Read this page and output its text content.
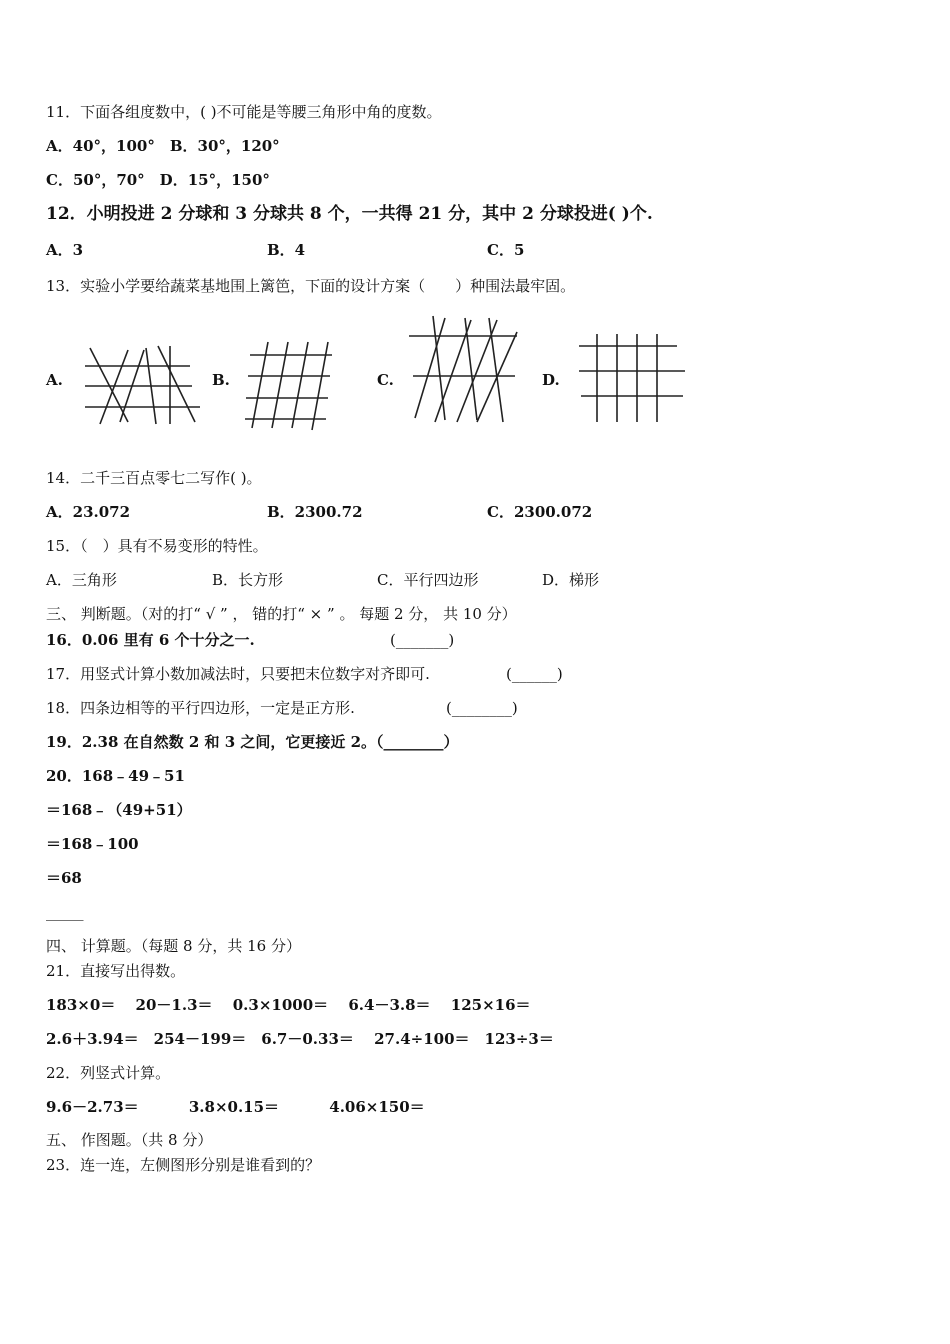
11．下面各组度数中，( )不可能是等腰三角形中角的度数。
A．40°，100°　B．30°，120°
C．50°，70°　D．15°，150°
12．小明投进 2 分球和 3 分球共 8 个，一共得 21 分，其中 2 分球投进( )个.
A．3	B．4	C．5
13．实验小学要给蔬菜基地围上篱笆，下面的设计方案（　　）种围法最牢固。
A.	B.	C.	D.
14．二千三百点零七二写作( )。
A．23.072	B．2300.72	C．2300.072
15．（　）具有不易变形的特性。
A．三角形	B．长方形	C．平行四边形	D．梯形
三、 判断题。（对的打“ √ ” ， 错的打“ × ” 。 每题 2 分， 共 10 分）
16．0.06 里有 6 个十分之一.	(_______)
17．用竖式计算小数加减法时，只要把末位数字对齐即可.	(______)
18．四条边相等的平行四边形，一定是正方形.	(________)
19．2.38 在自然数 2 和 3 之间，它更接近 2。（________）
20．168﹣49﹣51
＝168﹣（49+51）
＝168﹣100
＝68
_____
四、 计算题。（每题 8 分，共 16 分）
21．直接写出得数。
183×0＝　 20－1.3＝　 0.3×1000＝　 6.4－3.8＝　 125×16＝
2.6＋3.94＝　254－199＝　6.7－0.33＝　 27.4÷100＝　123÷3＝
22．列竖式计算。
9.6－2.73＝　　　 3.8×0.15＝　　　 4.06×150＝
五、 作图题。（共 8 分）
23．连一连，左侧图形分别是谁看到的？
